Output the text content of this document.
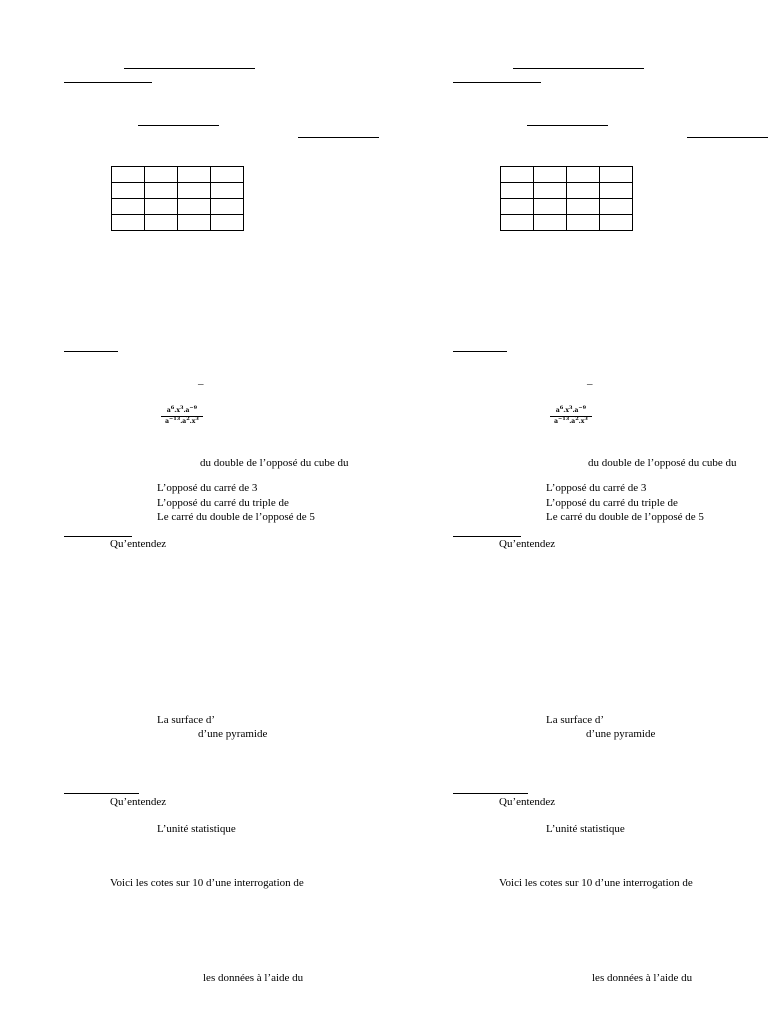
–
$\frac{a^6.x^3.a^{-9}}{a^{-13}.a^2.x^3}$
du double de l’opposé du cube du
L’opposé du carré de 3
L’opposé du carré du triple de
Le carré du double de l’opposé de 5
Qu’entendez
La surface d’
d’une pyramide
Qu’entendez
L’unité statistique
Voici les cotes sur 10 d’une interrogation de
les données à l’aide du

–
$\frac{a^6.x^3.a^{-9}}{a^{-13}.a^2.x^3}$
du double de l’opposé du cube du
L’opposé du carré de 3
L’opposé du carré du triple de
Le carré du double de l’opposé de 5
Qu’entendez
La surface d’
d’une pyramide
Qu’entendez
L’unité statistique
Voici les cotes sur 10 d’une interrogation de
les données à l’aide du
